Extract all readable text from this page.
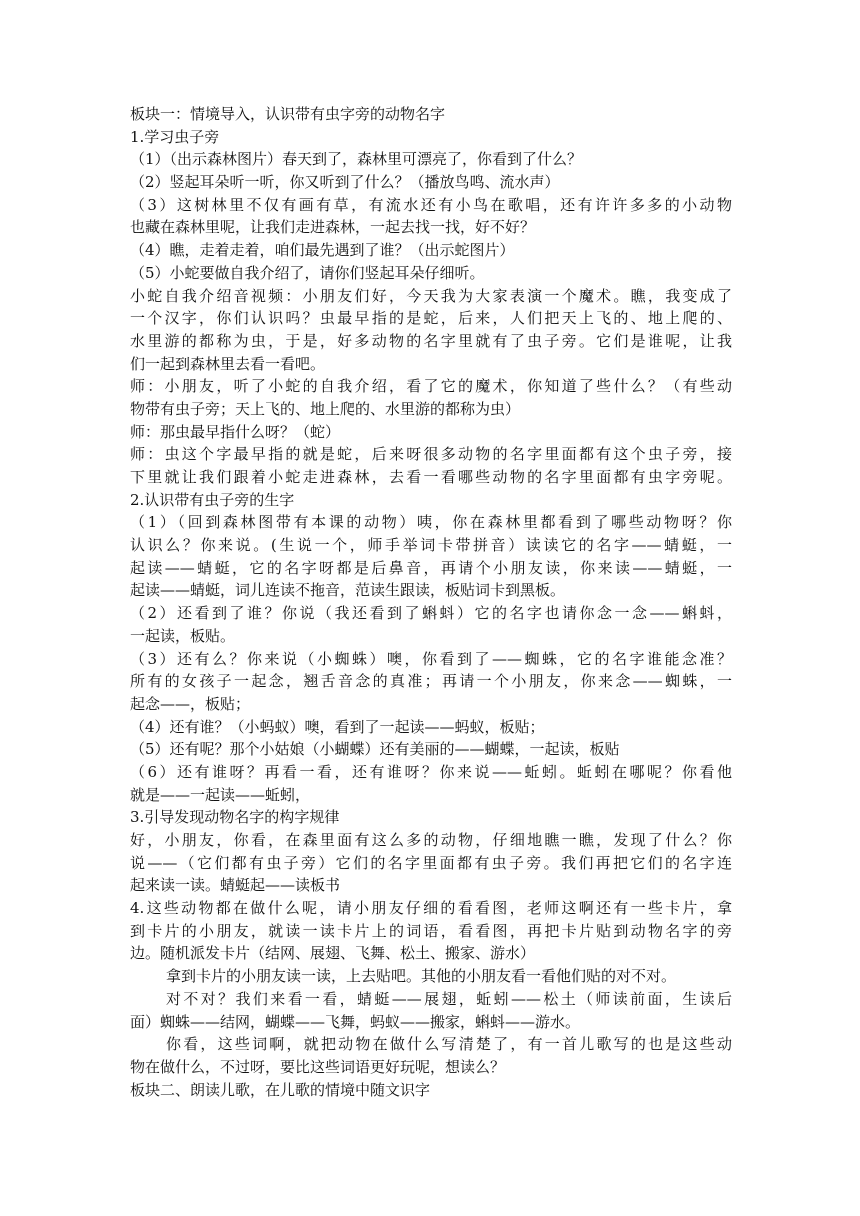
板块一：情境导入，认识带有虫字旁的动物名字
1.学习虫子旁
（1）（出示森林图片）春天到了，森林里可漂亮了，你看到了什么？
（2）竖起耳朵听一听，你又听到了什么？（播放鸟鸣、流水声）
（3）这树林里不仅有画有草，有流水还有小鸟在歌唱，还有许许多多的小动物
也藏在森林里呢，让我们走进森林，一起去找一找，好不好？
（4）瞧，走着走着，咱们最先遇到了谁？（出示蛇图片）
（5）小蛇要做自我介绍了，请你们竖起耳朵仔细听。
小蛇自我介绍音视频：小朋友们好，今天我为大家表演一个魔术。瞧，我变成了
一个汉字，你们认识吗？虫最早指的是蛇，后来，人们把天上飞的、地上爬的、
水里游的都称为虫，于是，好多动物的名字里就有了虫子旁。它们是谁呢，让我
们一起到森林里去看一看吧。
师：小朋友，听了小蛇的自我介绍，看了它的魔术，你知道了些什么？（有些动
物带有虫子旁；天上飞的、地上爬的、水里游的都称为虫）
师：那虫最早指什么呀？（蛇）
师：虫这个字最早指的就是蛇，后来呀很多动物的名字里面都有这个虫子旁，接
下里就让我们跟着小蛇走进森林，去看一看哪些动物的名字里面都有虫字旁呢。
2.认识带有虫子旁的生字
（1）（回到森林图带有本课的动物）咦，你在森林里都看到了哪些动物呀？你
认识么？你来说。(生说一个，师手举词卡带拼音）读读它的名字——蜻蜓，一
起读——蜻蜓，它的名字呀都是后鼻音，再请个小朋友读，你来读——蜻蜓，一
起读——蜻蜓，词儿连读不拖音，范读生跟读，板贴词卡到黑板。
（2）还看到了谁？你说（我还看到了蝌蚪）它的名字也请你念一念——蝌蚪，
一起读，板贴。
（3）还有么？你来说（小蜘蛛）噢，你看到了——蜘蛛，它的名字谁能念准？
所有的女孩子一起念，翘舌音念的真准；再请一个小朋友，你来念——蜘蛛，一
起念——，板贴；
（4）还有谁？（小蚂蚁）噢，看到了一起读——蚂蚁，板贴；
（5）还有呢？那个小姑娘（小蝴蝶）还有美丽的——蝴蝶，一起读，板贴
（6）还有谁呀？再看一看，还有谁呀？你来说——蚯蚓。蚯蚓在哪呢？你看他
就是——一起读——蚯蚓，
3.引导发现动物名字的构字规律
好，小朋友，你看，在森里面有这么多的动物，仔细地瞧一瞧，发现了什么？你
说——（它们都有虫子旁）它们的名字里面都有虫子旁。我们再把它们的名字连
起来读一读。蜻蜓起——读板书
4.这些动物都在做什么呢，请小朋友仔细的看看图，老师这啊还有一些卡片，拿
到卡片的小朋友，就读一读卡片上的词语，看看图，再把卡片贴到动物名字的旁
边。随机派发卡片（结网、展翅、飞舞、松土、搬家、游水）
拿到卡片的小朋友读一读，上去贴吧。其他的小朋友看一看他们贴的对不对。
对不对？我们来看一看，蜻蜓——展翅，蚯蚓——松土（师读前面，生读后
面）蜘蛛——结网，蝴蝶——飞舞，蚂蚁——搬家，蝌蚪——游水。
你看，这些词啊，就把动物在做什么写清楚了，有一首儿歌写的也是这些动
物在做什么，不过呀，要比这些词语更好玩呢，想读么？
板块二、朗读儿歌，在儿歌的情境中随文识字
